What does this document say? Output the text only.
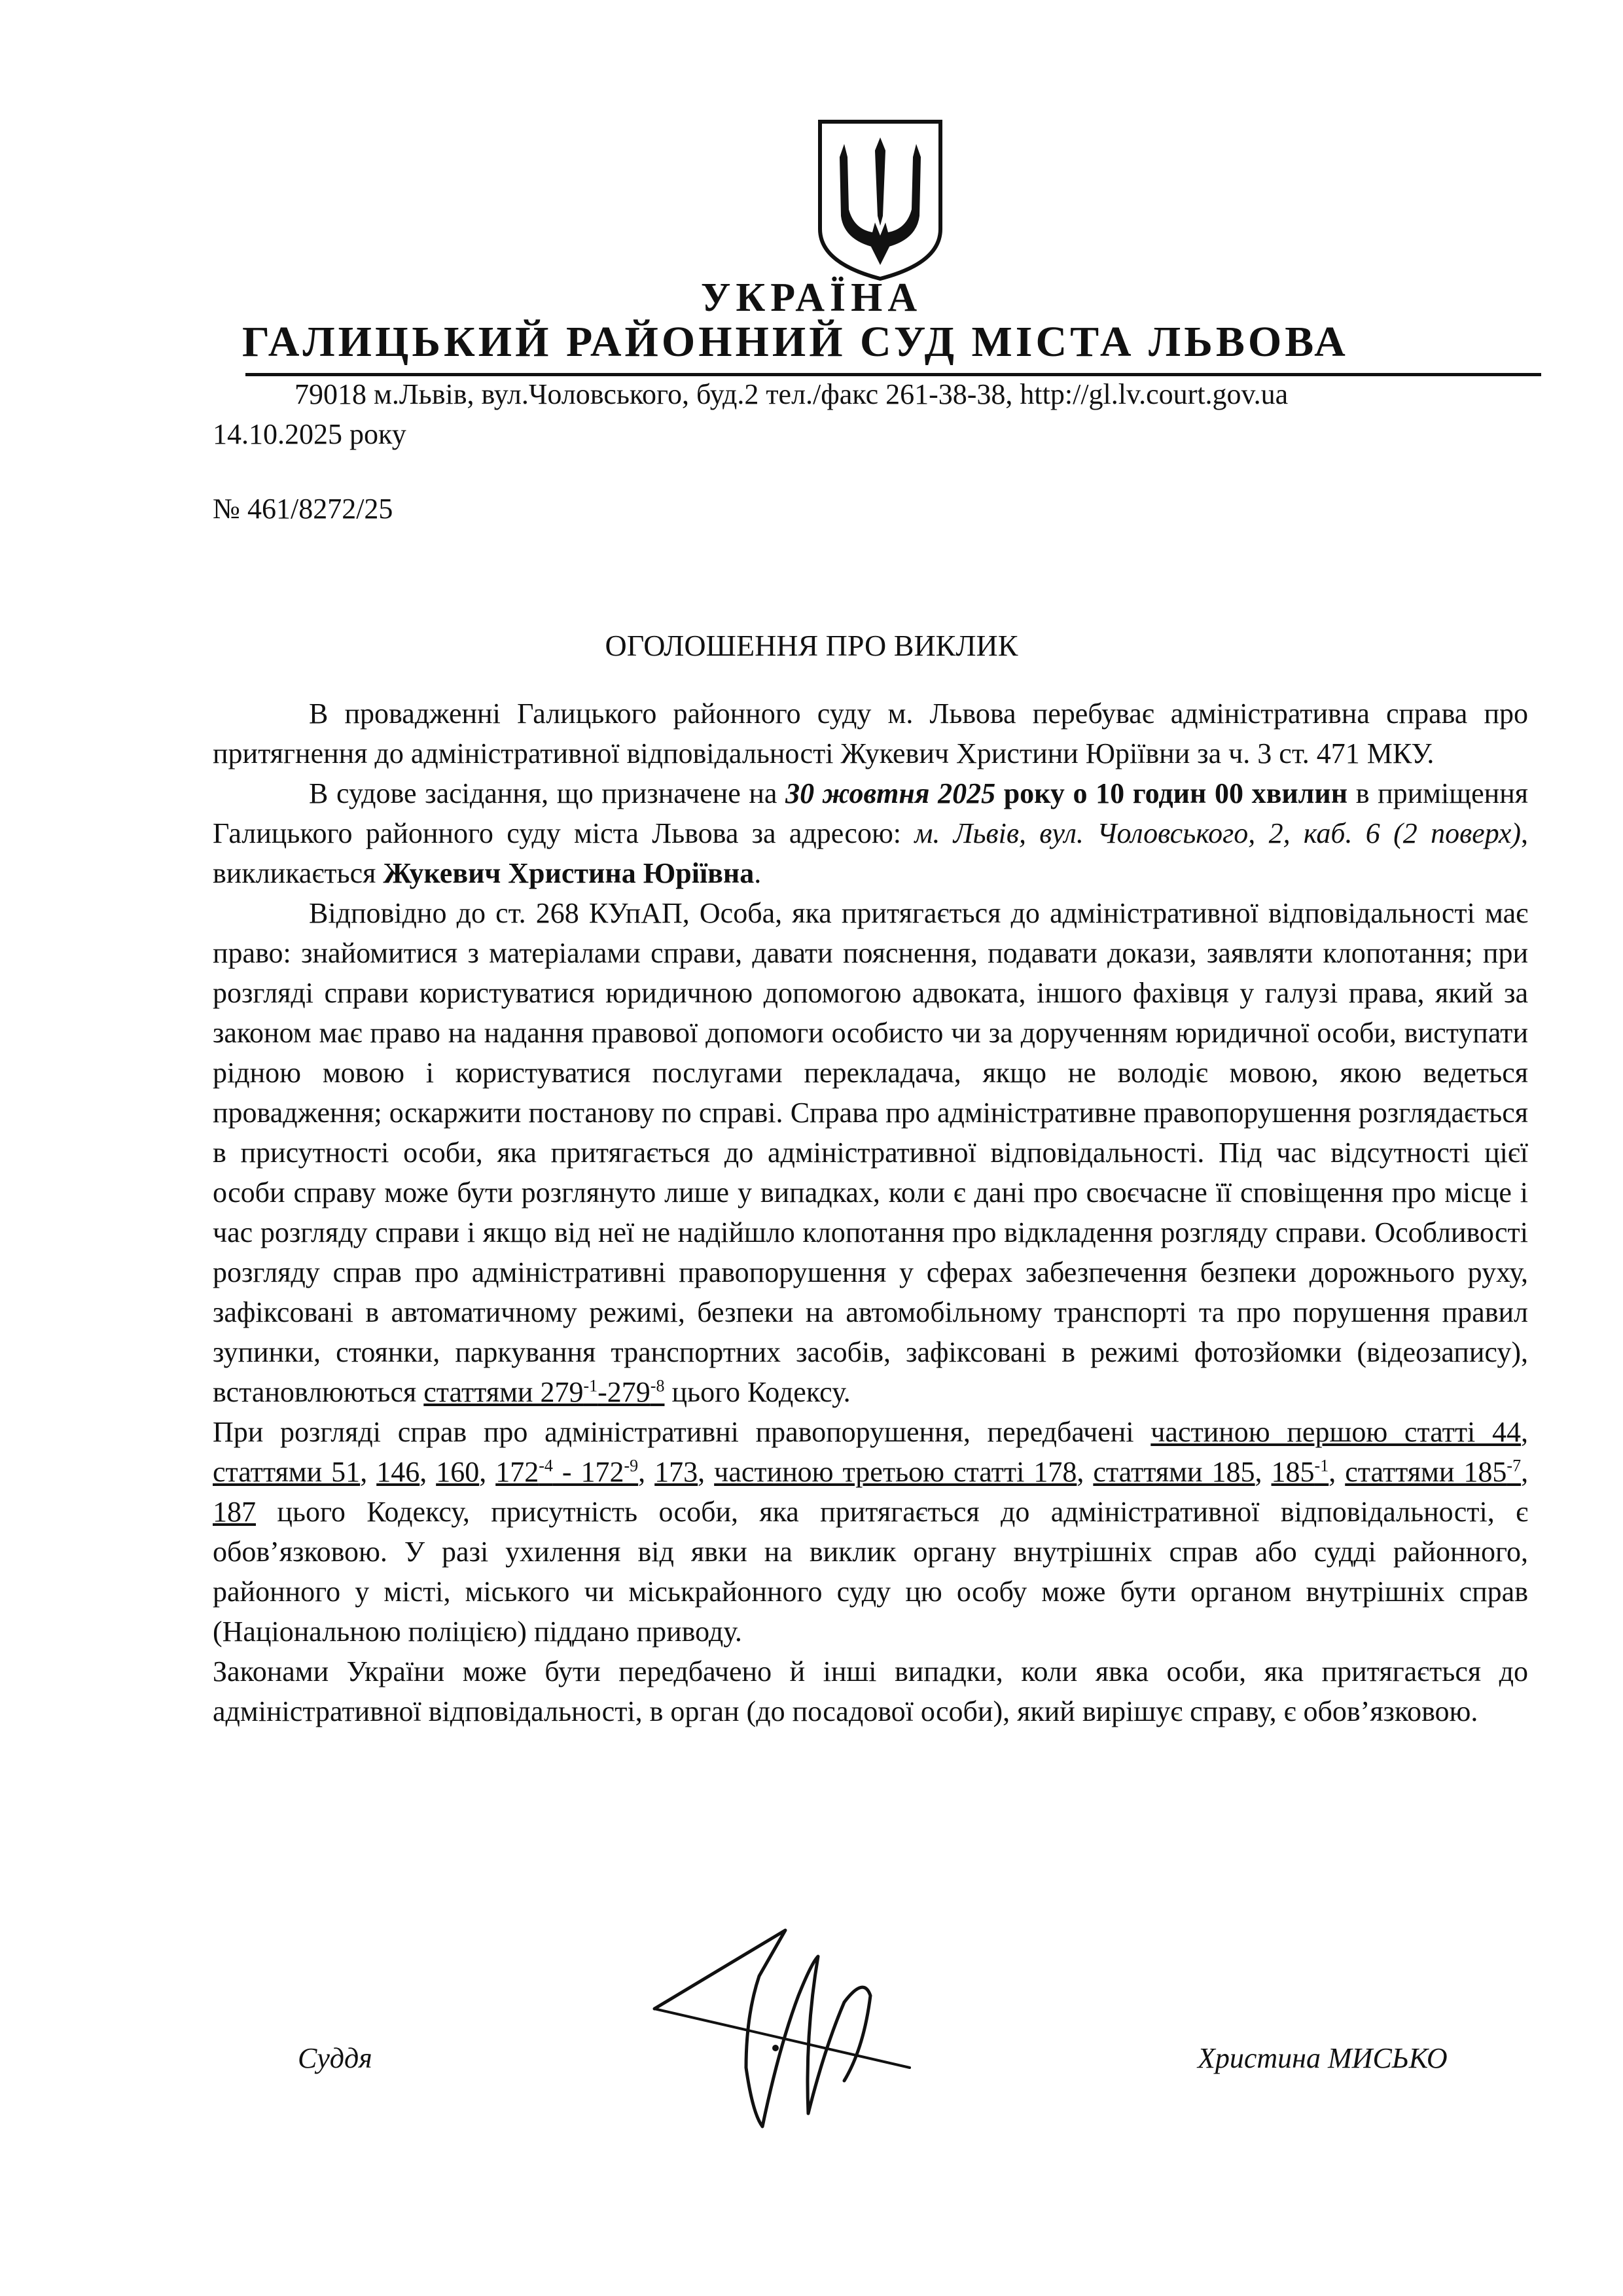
УКРАЇНА
ГАЛИЦЬКИЙ РАЙОННИЙ СУД МІСТА ЛЬВОВА
79018 м.Львів, вул.Чоловського, буд.2 тел./факс 261-38-38, http://gl.lv.court.gov.ua
14.10.2025 року
№ 461/8272/25
ОГОЛОШЕННЯ ПРО ВИКЛИК

В провадженні Галицького районного суду м. Львова перебуває адміністративна справа про притягнення до адміністративної відповідальності Жукевич Христини Юріївни за ч. 3 ст. 471 МКУ.

В судове засідання, що призначене на 30 жовтня 2025 року о 10 годин 00 хвилин в приміщення Галицького районного суду міста Львова за адресою: м. Львів, вул. Чоловського, 2, каб. 6 (2 поверх), викликається Жукевич Христина Юріївна.

Відповідно до ст. 268 КУпАП, Особа, яка притягається до адміністративної відповідальності має право: знайомитися з матеріалами справи, давати пояснення, подавати докази, заявляти клопотання; при розгляді справи користуватися юридичною допомогою адвоката, іншого фахівця у галузі права, який за законом має право на надання правової допомоги особисто чи за дорученням юридичної особи, виступати рідною мовою і користуватися послугами перекладача, якщо не володіє мовою, якою ведеться провадження; оскаржити постанову по справі. Справа про адміністративне правопорушення розглядається в присутності особи, яка притягається до адміністративної відповідальності. Під час відсутності цієї особи справу може бути розглянуто лише у випадках, коли є дані про своєчасне її сповіщення про місце і час розгляду справи і якщо від неї не надійшло клопотання про відкладення розгляду справи. Особливості розгляду справ про адміністративні правопорушення у сферах забезпечення безпеки дорожнього руху, зафіксовані в автоматичному режимі, безпеки на автомобільному транспорті та про порушення правил зупинки, стоянки, паркування транспортних засобів, зафіксовані в режимі фотозйомки (відеозапису), встановлюються статтями $279^{-1}-279^{-8}$ цього Кодексу.

При розгляді справ про адміністративні правопорушення, передбачені частиною першою статті 44, статтями 51, 146, 160, $172^{-4} - 172^{-9}$, 173, частиною третьою статті 178, статтями 185, $185^{-1}$, статтями $185^{-7}$, 187 цього Кодексу, присутність особи, яка притягається до адміністративної відповідальності, є обов’язковою. У разі ухилення від явки на виклик органу внутрішніх справ або судді районного, районного у місті, міського чи міськрайонного суду цю особу може бути органом внутрішніх справ (Національною поліцією) піддано приводу.

Законами України може бути передбачено й інші випадки, коли явка особи, яка притягається до адміністративної відповідальності, в орган (до посадової особи), який вирішує справу, є обов’язковою.

Суддя	Христина МИСЬКО
